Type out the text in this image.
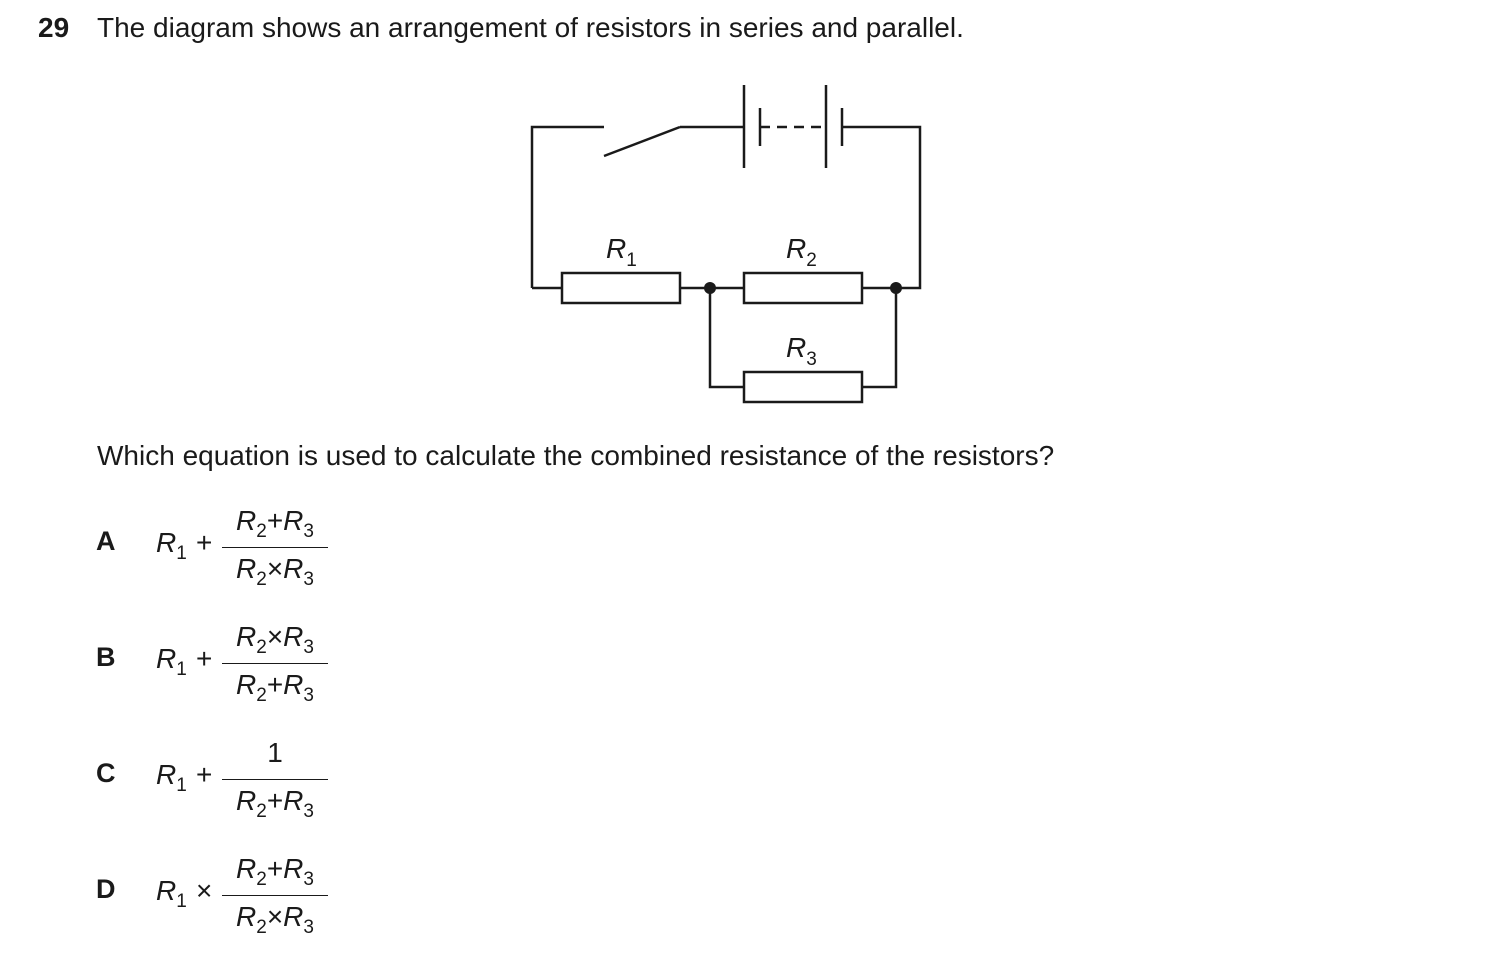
29 The diagram shows an arrangement of resistors in series and parallel.
$R_1$	$R_2$
$R_3$
Which equation is used to calculate the combined resistance of the resistors?
A $R_1$ +
$R_2+R_3$
$R_2\times R_3$
B $R_1$ +
$R_2\times R_3$
$R_2+R_3$
C $R_1$ +
1
$R_2+R_3$
D $R_1$ ×
$R_2+R_3$
$R_2\times R_3$
